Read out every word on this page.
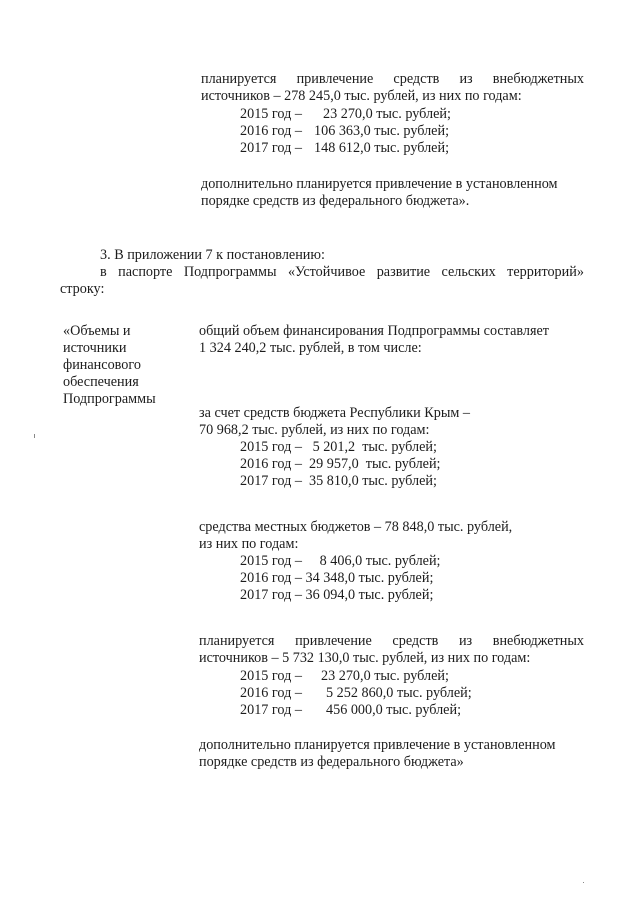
планируется привлечение средств из внебюджетных
источников – 278 245,0 тыс. рублей, из них по годам:
2015 год – 23 270,0 тыс. рублей;
2016 год – 106 363,0 тыс. рублей;
2017 год – 148 612,0 тыс. рублей;
дополнительно планируется привлечение в установленном
порядке средств из федерального бюджета».
3. В приложении 7 к постановлению:
в паспорте Подпрограммы «Устойчивое развитие сельских территорий»
строку:
«Объемы и
источники
финансового
обеспечения
Подпрограммы
общий объем финансирования Подпрограммы составляет
1 324 240,2 тыс. рублей, в том числе:
за счет средств бюджета Республики Крым –
70 968,2 тыс. рублей, из них по годам:
2015 год –   5 201,2  тыс. рублей;
2016 год –  29 957,0  тыс. рублей;
2017 год –  35 810,0 тыс. рублей;
средства местных бюджетов – 78 848,0 тыс. рублей,
из них по годам:
2015 год –     8 406,0 тыс. рублей;
2016 год – 34 348,0 тыс. рублей;
2017 год – 36 094,0 тыс. рублей;
планируется привлечение средств из внебюджетных
источников – 5 732 130,0 тыс. рублей, из них по годам:
2015 год – 23 270,0 тыс. рублей;
2016 год – 5 252 860,0 тыс. рублей;
2017 год – 456 000,0 тыс. рублей;
дополнительно планируется привлечение в установленном
порядке средств из федерального бюджета»
